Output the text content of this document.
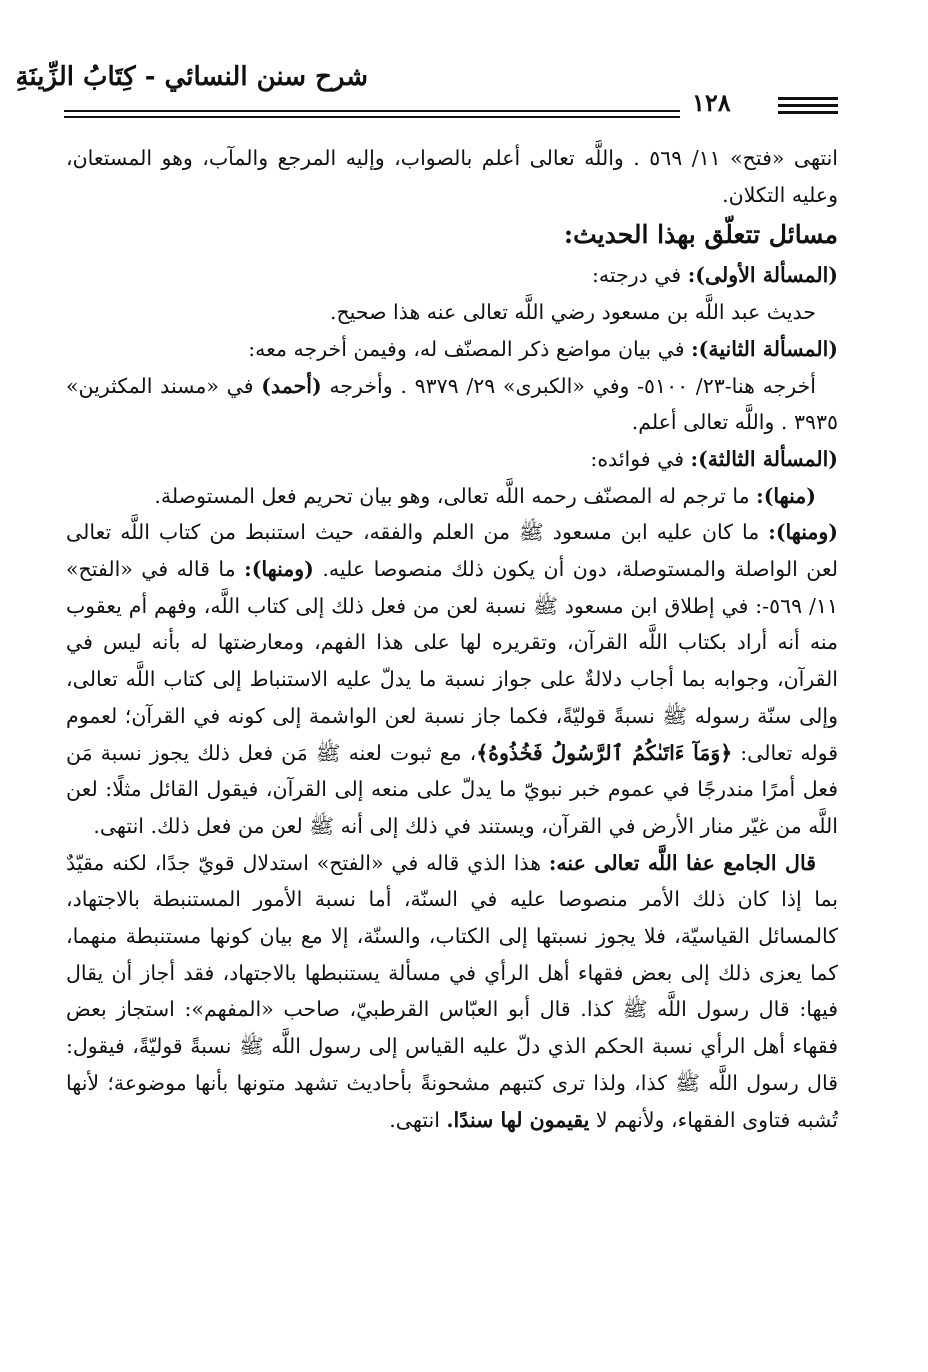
شرح سنن النسائي - كِتَابُ الزِّينَةِ
١٢٨

انتهى «فتح» ١١/ ٥٦٩ . واللَّه تعالى أعلم بالصواب، وإليه المرجع والمآب، وهو المستعان، وعليه التكلان.

مسائل تتعلّق بهذا الحديث:

(المسألة الأولى): في درجته:

حديث عبد اللَّه بن مسعود رضي اللَّه تعالى عنه هذا صحيح.

(المسألة الثانية): في بيان مواضع ذكر المصنّف له، وفيمن أخرجه معه:

أخرجه هنا-٢٣/ ٥١٠٠- وفي «الكبرى» ٢٩/ ٩٣٧٩ . وأخرجه (أحمد) في «مسند المكثرين» ٣٩٣٥ . واللَّه تعالى أعلم.

(المسألة الثالثة): في فوائده:

(منها): ما ترجم له المصنّف رحمه اللَّه تعالى، وهو بيان تحريم فعل المستوصلة.

(ومنها): ما كان عليه ابن مسعود ﷺ من العلم والفقه، حيث استنبط من كتاب اللَّه تعالى لعن الواصلة والمستوصلة، دون أن يكون ذلك منصوصا عليه. (ومنها): ما قاله في «الفتح» ١١/ ٥٦٩-: في إطلاق ابن مسعود ﷺ نسبة لعن من فعل ذلك إلى كتاب اللَّه، وفهم أم يعقوب منه أنه أراد بكتاب اللَّه القرآن، وتقريره لها على هذا الفهم، ومعارضتها له بأنه ليس في القرآن، وجوابه بما أجاب دلالةٌ على جواز نسبة ما يدلّ عليه الاستنباط إلى كتاب اللَّه تعالى، وإلى سنّة رسوله ﷺ نسبةً قوليّةً، فكما جاز نسبة لعن الواشمة إلى كونه في القرآن؛ لعموم قوله تعالى: ﴿وَمَآ ءَاتَىٰكُمُ ٱلرَّسُولُ فَخُذُوهُ﴾، مع ثبوت لعنه ﷺ مَن فعل ذلك يجوز نسبة مَن فعل أمرًا مندرجًا في عموم خبر نبويّ ما يدلّ على منعه إلى القرآن، فيقول القائل مثلًا: لعن اللَّه من غيّر منار الأرض في القرآن، ويستند في ذلك إلى أنه ﷺ لعن من فعل ذلك. انتهى.

قال الجامع عفا اللَّه تعالى عنه: هذا الذي قاله في «الفتح» استدلال قويّ جدًا، لكنه مقيّدٌ بما إذا كان ذلك الأمر منصوصا عليه في السنّة، أما نسبة الأمور المستنبطة بالاجتهاد، كالمسائل القياسيّة، فلا يجوز نسبتها إلى الكتاب، والسنّة، إلا مع بيان كونها مستنبطة منهما، كما يعزى ذلك إلى بعض فقهاء أهل الرأي في مسألة يستنبطها بالاجتهاد، فقد أجاز أن يقال فيها: قال رسول اللَّه ﷺ كذا. قال أبو العبّاس القرطبيّ، صاحب «المفهم»: استجاز بعض فقهاء أهل الرأي نسبة الحكم الذي دلّ عليه القياس إلى رسول اللَّه ﷺ نسبةً قوليّةً، فيقول: قال رسول اللَّه ﷺ كذا، ولذا ترى كتبهم مشحونةً بأحاديث تشهد متونها بأنها موضوعة؛ لأنها تُشبه فتاوى الفقهاء، ولأنهم لا يقيمون لها سندًا. انتهى.
